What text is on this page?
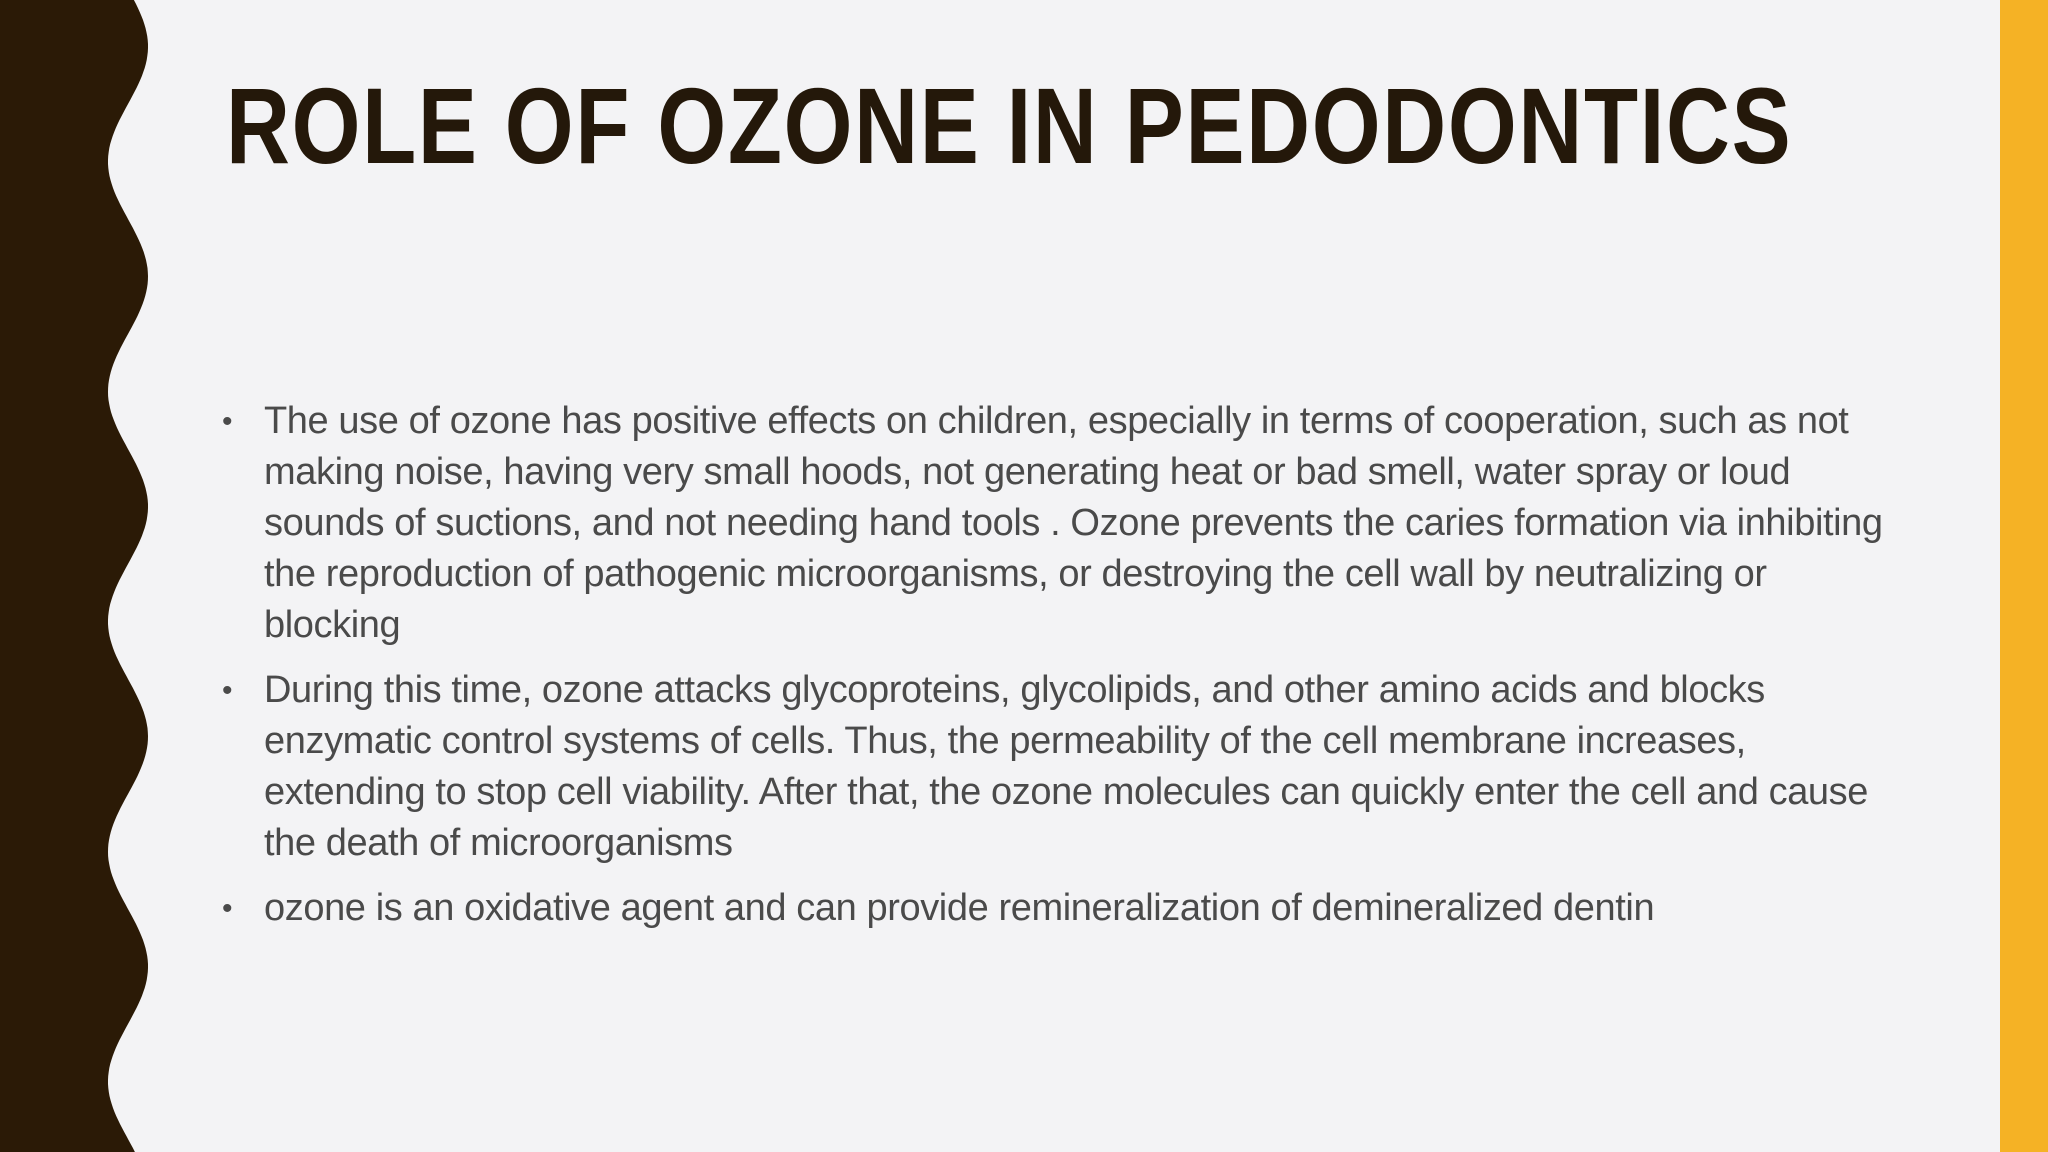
ROLE OF OZONE IN PEDODONTICS
• The use of ozone has positive effects on children, especially in terms of cooperation, such as not making noise, having very small hoods, not generating heat or bad smell, water spray or loud sounds of suctions, and not needing hand tools . Ozone prevents the caries formation via inhibiting the reproduction of pathogenic microorganisms, or destroying the cell wall by neutralizing or blocking
• During this time, ozone attacks glycoproteins, glycolipids, and other amino acids and blocks enzymatic control systems of cells. Thus, the permeability of the cell membrane increases, extending to stop cell viability. After that, the ozone molecules can quickly enter the cell and cause the death of microorganisms
• ozone is an oxidative agent and can provide remineralization of demineralized dentin
